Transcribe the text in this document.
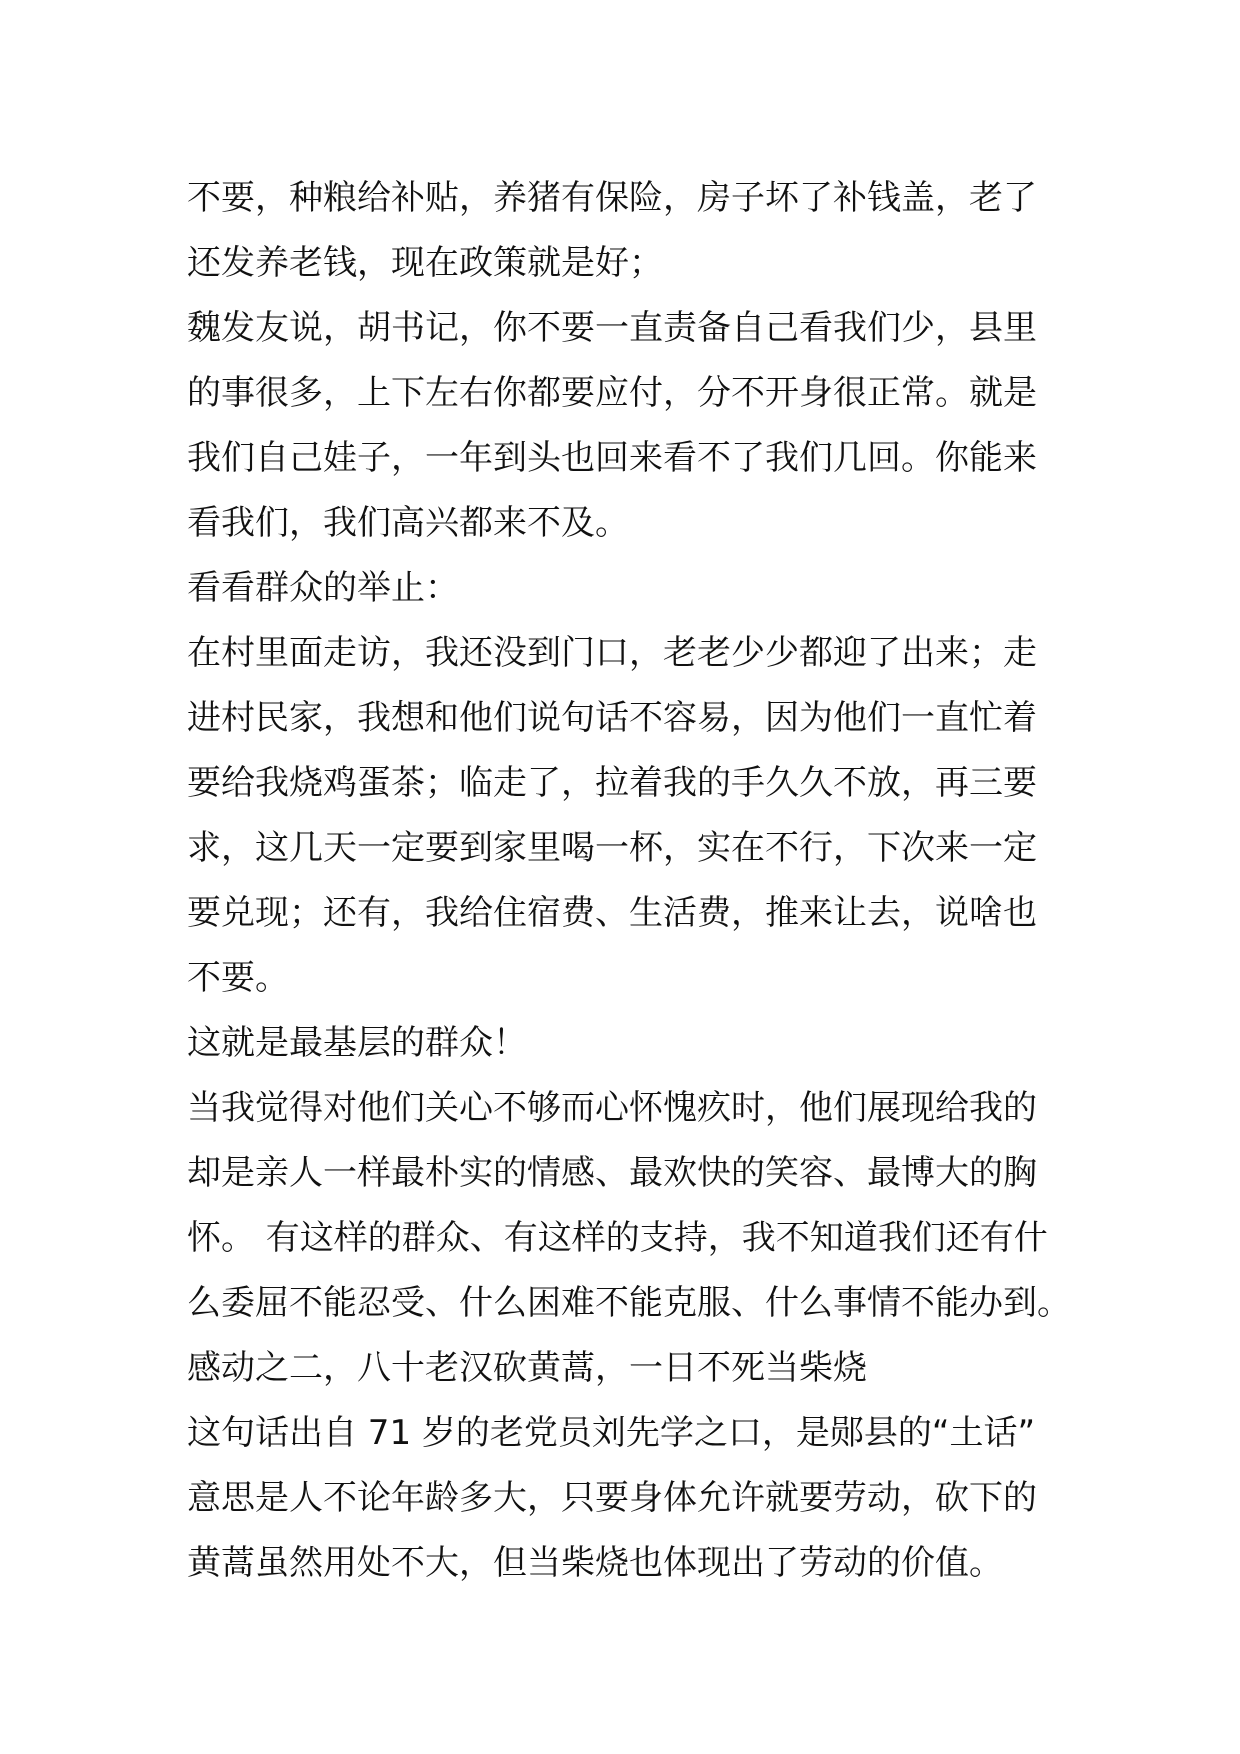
不要，种粮给补贴，养猪有保险，房子坏了补钱盖，老了
还发养老钱，现在政策就是好；
魏发友说，胡书记，你不要一直责备自己看我们少，县里
的事很多，上下左右你都要应付，分不开身很正常。就是
我们自己娃子，一年到头也回来看不了我们几回。你能来
看我们，我们高兴都来不及。
看看群众的举止：
在村里面走访，我还没到门口，老老少少都迎了出来；走
进村民家，我想和他们说句话不容易，因为他们一直忙着
要给我烧鸡蛋茶；临走了，拉着我的手久久不放，再三要
求，这几天一定要到家里喝一杯，实在不行，下次来一定
要兑现；还有，我给住宿费、生活费，推来让去，说啥也
不要。
这就是最基层的群众！
当我觉得对他们关心不够而心怀愧疚时，他们展现给我的
却是亲人一样最朴实的情感、最欢快的笑容、最博大的胸
怀。 有这样的群众、有这样的支持，我不知道我们还有什
么委屈不能忍受、什么困难不能克服、什么事情不能办到。
感动之二，八十老汉砍黄蒿，一日不死当柴烧
这句话出自 71 岁的老党员刘先学之口，是郧县的“土话”
意思是人不论年龄多大，只要身体允许就要劳动，砍下的
黄蒿虽然用处不大，但当柴烧也体现出了劳动的价值。
